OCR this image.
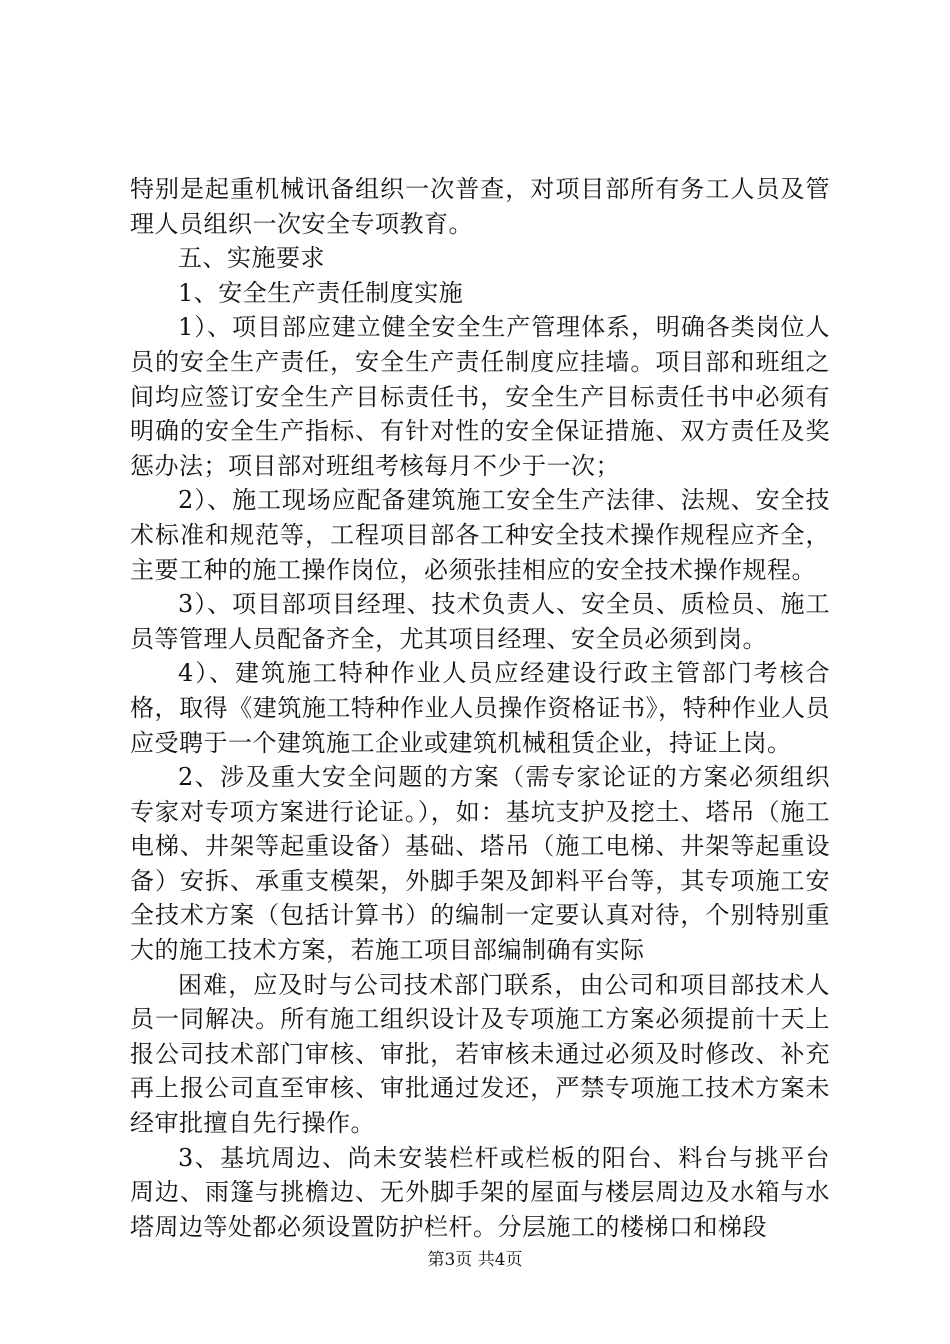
特别是起重机械讯备组织一次普查，对项目部所有务工人员及管理人员组织一次安全专项教育。

五、实施要求

1、安全生产责任制度实施

1）、项目部应建立健全安全生产管理体系，明确各类岗位人员的安全生产责任，安全生产责任制度应挂墙。项目部和班组之间均应签订安全生产目标责任书，安全生产目标责任书中必须有明确的安全生产指标、有针对性的安全保证措施、双方责任及奖惩办法；项目部对班组考核每月不少于一次；

2）、施工现场应配备建筑施工安全生产法律、法规、安全技术标准和规范等，工程项目部各工种安全技术操作规程应齐全，主要工种的施工操作岗位，必须张挂相应的安全技术操作规程。

3）、项目部项目经理、技术负责人、安全员、质检员、施工员等管理人员配备齐全，尤其项目经理、安全员必须到岗。

4）、建筑施工特种作业人员应经建设行政主管部门考核合格，取得《建筑施工特种作业人员操作资格证书》，特种作业人员应受聘于一个建筑施工企业或建筑机械租赁企业，持证上岗。

2、涉及重大安全问题的方案（需专家论证的方案必须组织专家对专项方案进行论证。），如：基坑支护及挖土、塔吊（施工电梯、井架等起重设备）基础、塔吊（施工电梯、井架等起重设备）安拆、承重支模架，外脚手架及卸料平台等，其专项施工安全技术方案（包括计算书）的编制一定要认真对待，个别特别重大的施工技术方案，若施工项目部编制确有实际

困难，应及时与公司技术部门联系，由公司和项目部技术人员一同解决。所有施工组织设计及专项施工方案必须提前十天上报公司技术部门审核、审批，若审核未通过必须及时修改、补充再上报公司直至审核、审批通过发还，严禁专项施工技术方案未经审批擅自先行操作。

3、基坑周边、尚未安装栏杆或栏板的阳台、料台与挑平台周边、雨篷与挑檐边、无外脚手架的屋面与楼层周边及水箱与水塔周边等处都必须设置防护栏杆。分层施工的楼梯口和梯段

第3页 共4页
